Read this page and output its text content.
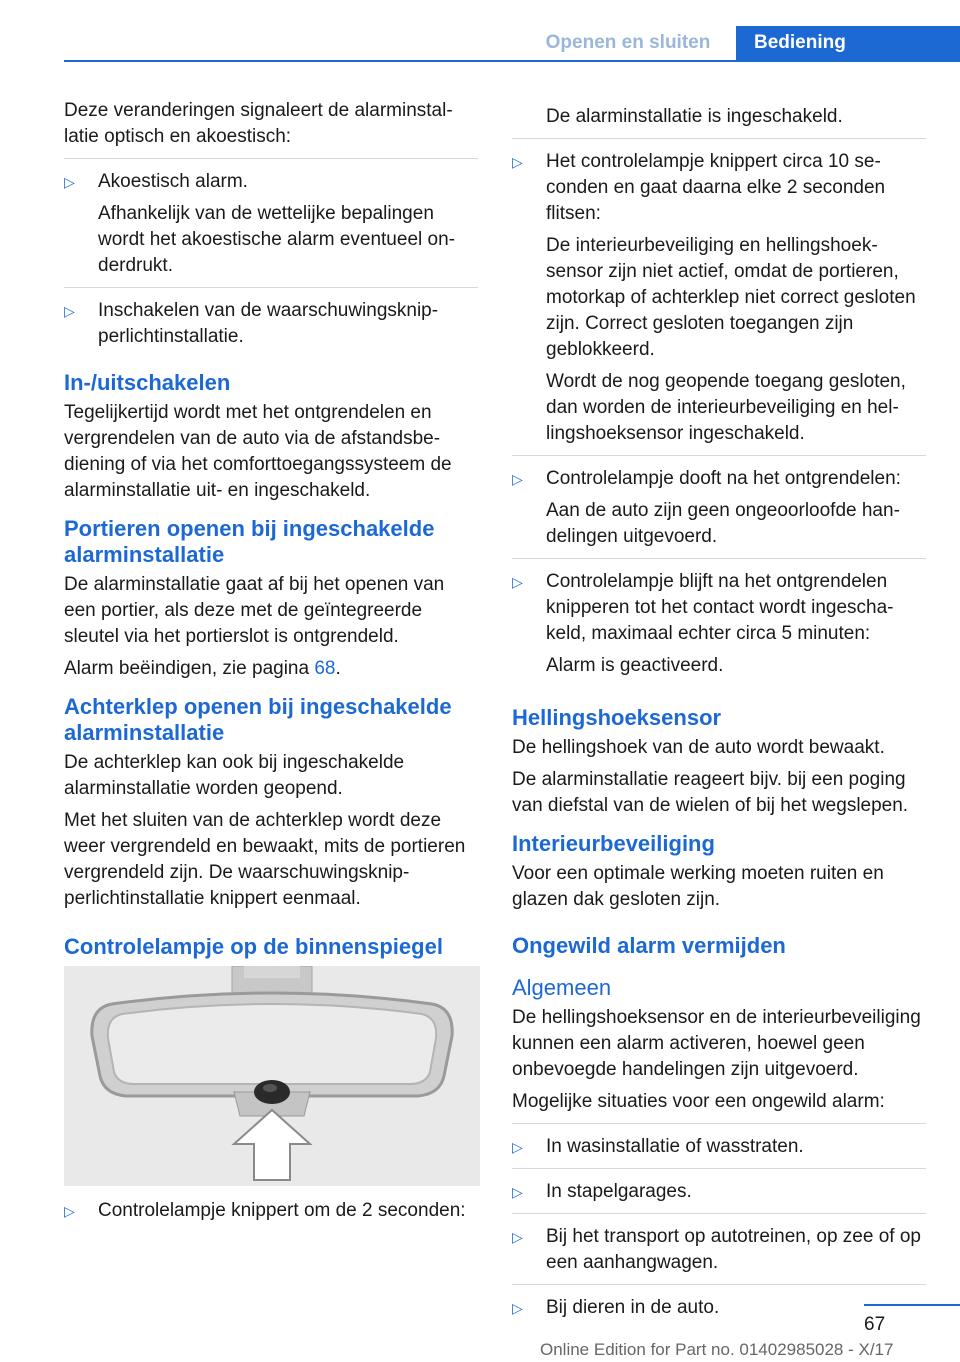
Openen en sluiten	Bediening

Deze veranderingen signaleert de alarminstallatie optisch en akoestisch:

▷ Akoestisch alarm.
Afhankelijk van de wettelijke bepalingen wordt het akoestische alarm eventueel onderdrukt.
▷ Inschakelen van de waarschuwingsknipperlichtinstallatie.
In-/uitschakelen

Tegelijkertijd wordt met het ontgrendelen en vergrendelen van de auto via de afstandsbediening of via het comforttoegangssysteem de alarminstallatie uit- en ingeschakeld.

Portieren openen bij ingeschakelde alarminstallatie

De alarminstallatie gaat af bij het openen van een portier, als deze met de geïntegreerde sleutel via het portierslot is ontgrendeld.

Alarm beëindigen, zie pagina 68.

Achterklep openen bij ingeschakelde alarminstallatie

De achterklep kan ook bij ingeschakelde alarminstallatie worden geopend.

Met het sluiten van de achterklep wordt deze weer vergrendeld en bewaakt, mits de portieren vergrendeld zijn. De waarschuwingsknipperlichtinstallatie knippert eenmaal.

Controlelampje op de binnenspiegel
▷ Controlelampje knippert om de 2 seconden:
De alarminstallatie is ingeschakeld.
▷ Het controlelampje knippert circa 10 seconden en gaat daarna elke 2 seconden flitsen:
De interieurbeveiliging en hellingshoeksensor zijn niet actief, omdat de portieren, motorkap of achterklep niet correct gesloten zijn. Correct gesloten toegangen zijn geblokkeerd.
Wordt de nog geopende toegang gesloten, dan worden de interieurbeveiliging en hellingshoeksensor ingeschakeld.
▷ Controlelampje dooft na het ontgrendelen:
Aan de auto zijn geen ongeoorloofde handelingen uitgevoerd.
▷ Controlelampje blijft na het ontgrendelen knipperen tot het contact wordt ingeschakeld, maximaal echter circa 5 minuten:
Alarm is geactiveerd.
Hellingshoeksensor

De hellingshoek van de auto wordt bewaakt.

De alarminstallatie reageert bijv. bij een poging van diefstal van de wielen of bij het wegslepen.

Interieurbeveiliging

Voor een optimale werking moeten ruiten en glazen dak gesloten zijn.

Ongewild alarm vermijden
Algemeen

De hellingshoeksensor en de interieurbeveiliging kunnen een alarm activeren, hoewel geen onbevoegde handelingen zijn uitgevoerd.

Mogelijke situaties voor een ongewild alarm:

▷ In wasinstallatie of wasstraten.
▷ In stapelgarages.
▷ Bij het transport op autotreinen, op zee of op een aanhangwagen.
▷ Bij dieren in de auto.
67
Online Edition for Part no. 01402985028 - X/17
